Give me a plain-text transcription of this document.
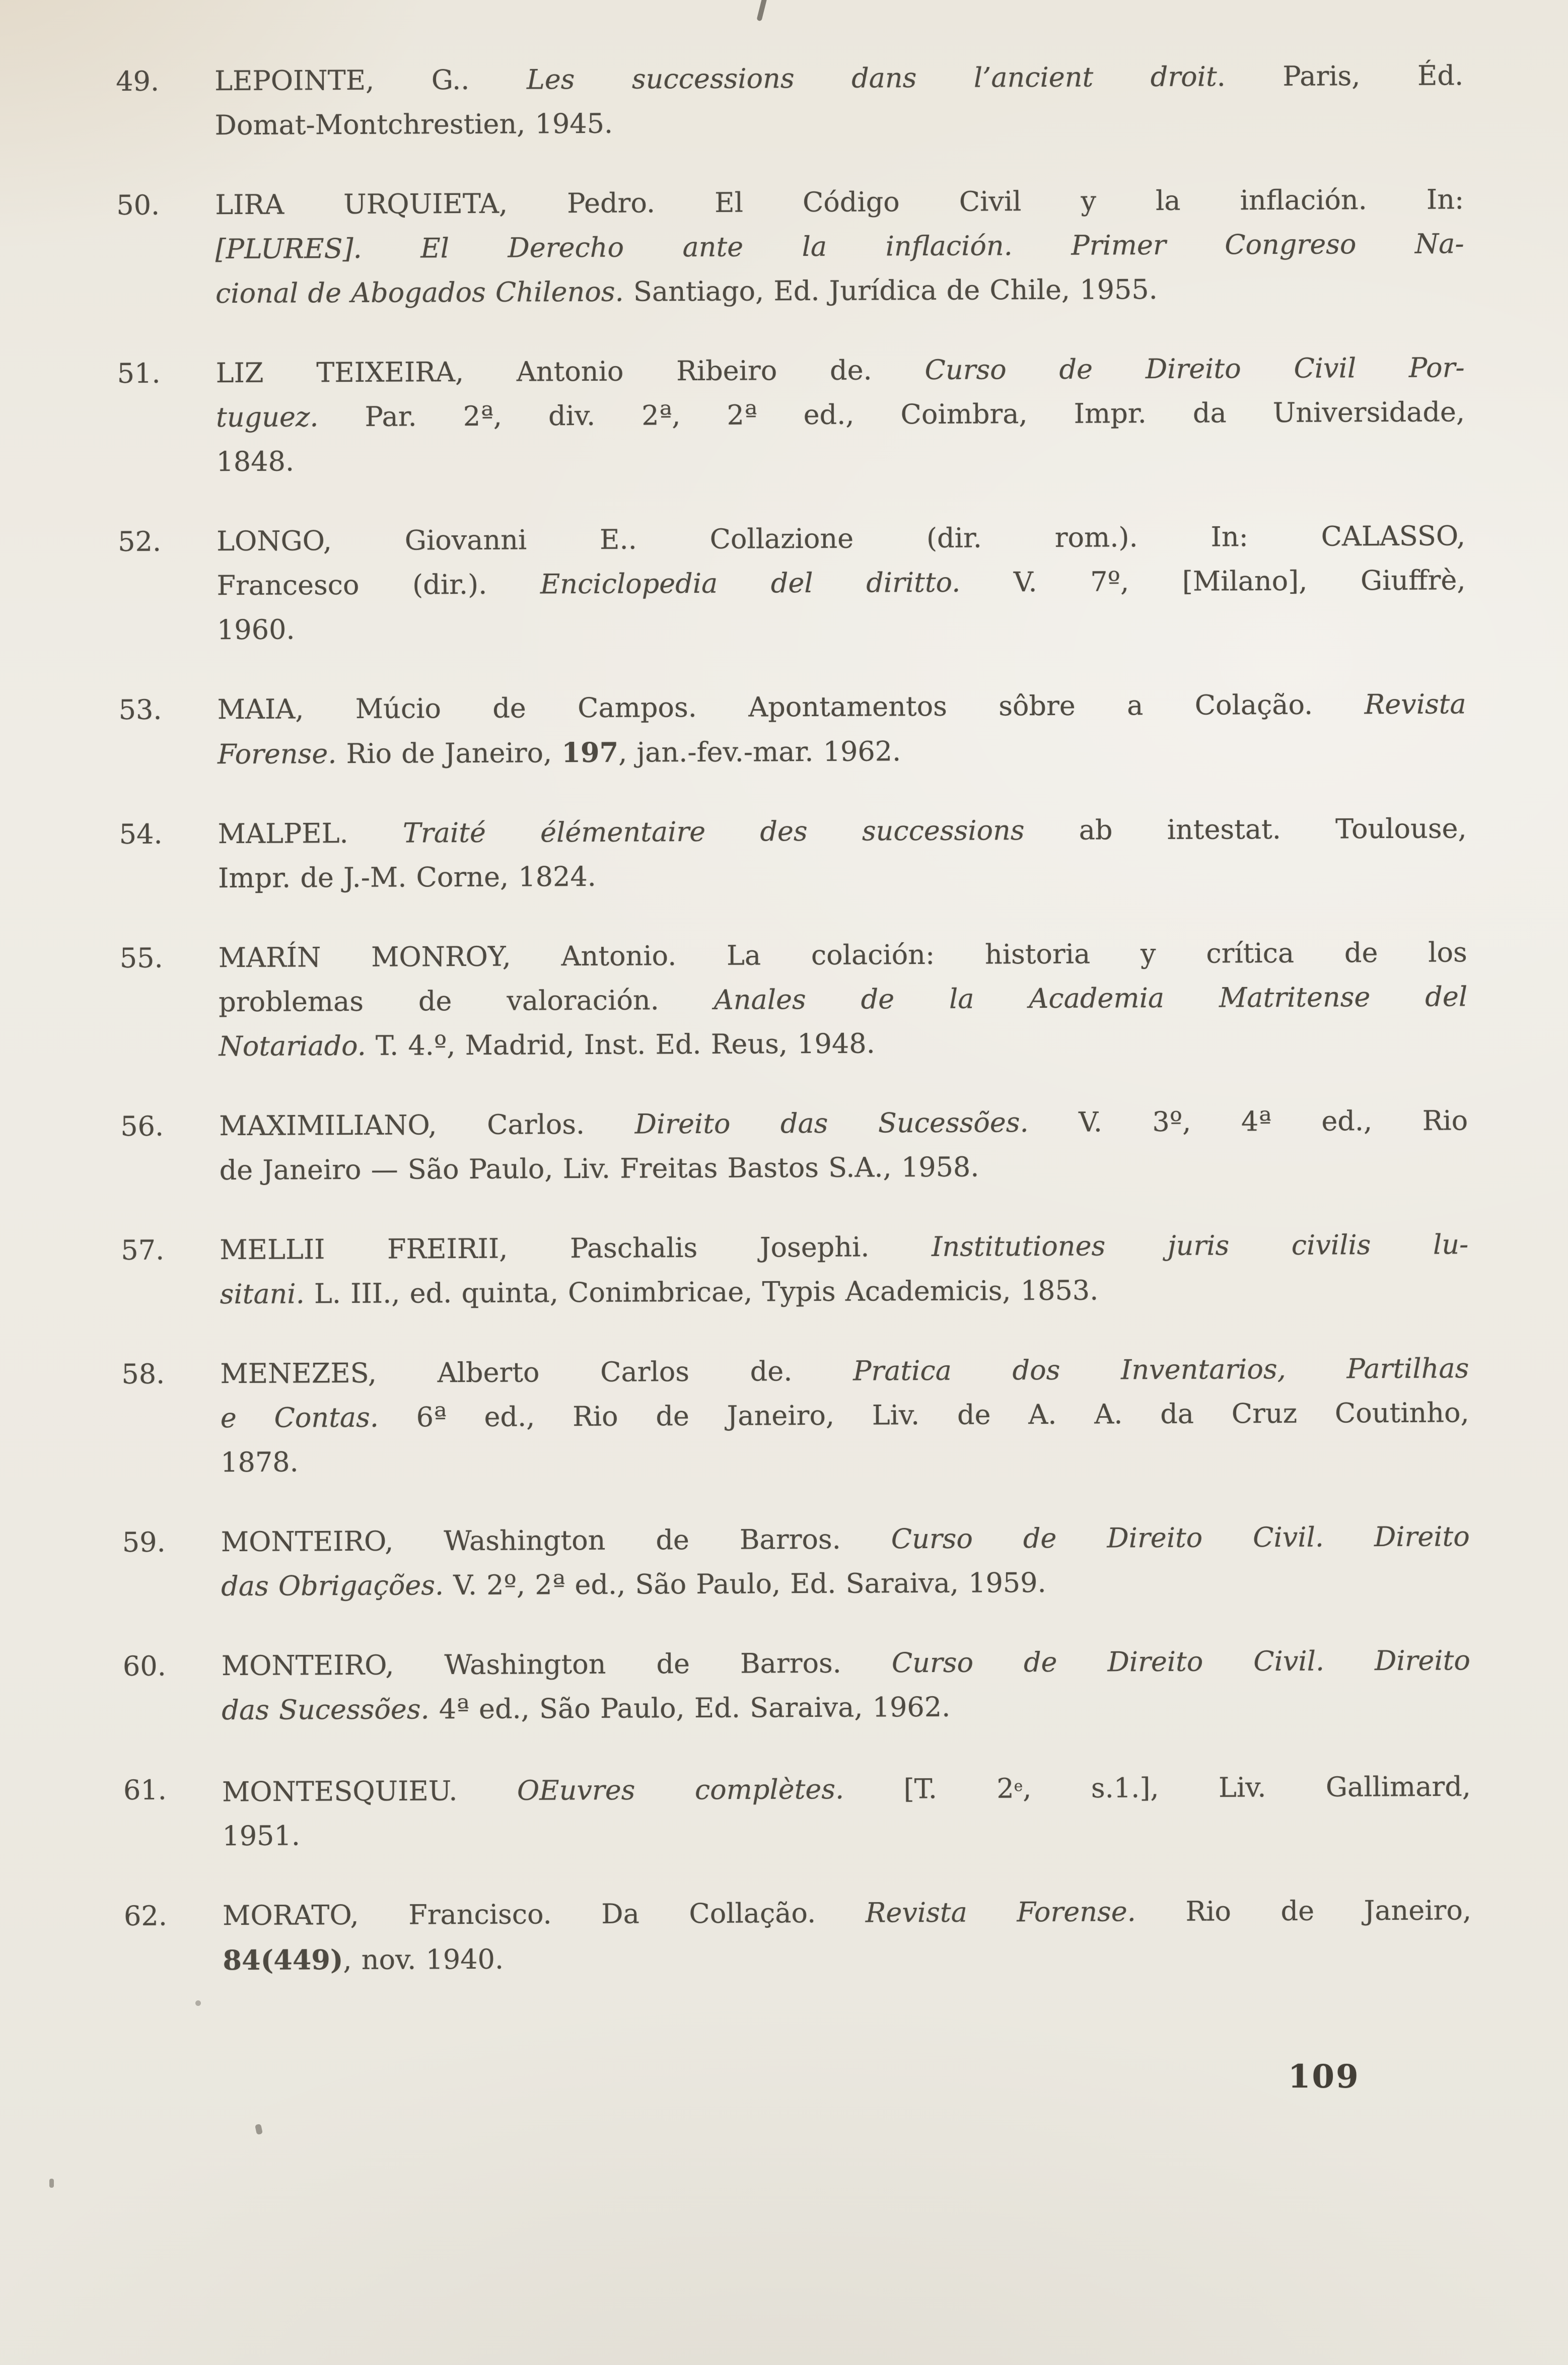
49. LEPOINTE, G.. Les successions dans l’ancient droit. Paris, Éd.
Domat-Montchrestien, 1945.
50. LIRA URQUIETA, Pedro. El Código Civil y la inflación. In:
[PLURES]. El Derecho ante la inflación. Primer Congreso Na-
cional de Abogados Chilenos. Santiago, Ed. Jurídica de Chile, 1955.
51. LIZ TEIXEIRA, Antonio Ribeiro de. Curso de Direito Civil Por-
tuguez. Par. 2ª, div. 2ª, 2ª ed., Coimbra, Impr. da Universidade,
1848.
52. LONGO, Giovanni E.. Collazione (dir. rom.). In: CALASSO,
Francesco (dir.). Enciclopedia del diritto. V. 7º, [Milano], Giuffrè,
1960.
53. MAIA, Múcio de Campos. Apontamentos sôbre a Colação. Revista
Forense. Rio de Janeiro, 197, jan.-fev.-mar. 1962.
54. MALPEL. Traité élémentaire des successions ab intestat. Toulouse,
Impr. de J.-M. Corne, 1824.
55. MARÍN MONROY, Antonio. La colación: historia y crítica de los
problemas de valoración. Anales de la Academia Matritense del
Notariado. T. 4.º, Madrid, Inst. Ed. Reus, 1948.
56. MAXIMILIANO, Carlos. Direito das Sucessões. V. 3º, 4ª ed., Rio
de Janeiro — São Paulo, Liv. Freitas Bastos S.A., 1958.
57. MELLII FREIRII, Paschalis Josephi. Institutiones juris civilis lu-
sitani. L. III., ed. quinta, Conimbricae, Typis Academicis, 1853.
58. MENEZES, Alberto Carlos de. Pratica dos Inventarios, Partilhas
e Contas. 6ª ed., Rio de Janeiro, Liv. de A. A. da Cruz Coutinho,
1878.
59. MONTEIRO, Washington de Barros. Curso de Direito Civil. Direito
das Obrigações. V. 2º, 2ª ed., São Paulo, Ed. Saraiva, 1959.
60. MONTEIRO, Washington de Barros. Curso de Direito Civil. Direito
das Sucessões. 4ª ed., São Paulo, Ed. Saraiva, 1962.
61. MONTESQUIEU. OEuvres complètes. [T. 2e, s.1.], Liv. Gallimard,
1951.
62. MORATO, Francisco. Da Collação. Revista Forense. Rio de Janeiro,
84(449), nov. 1940.
109
